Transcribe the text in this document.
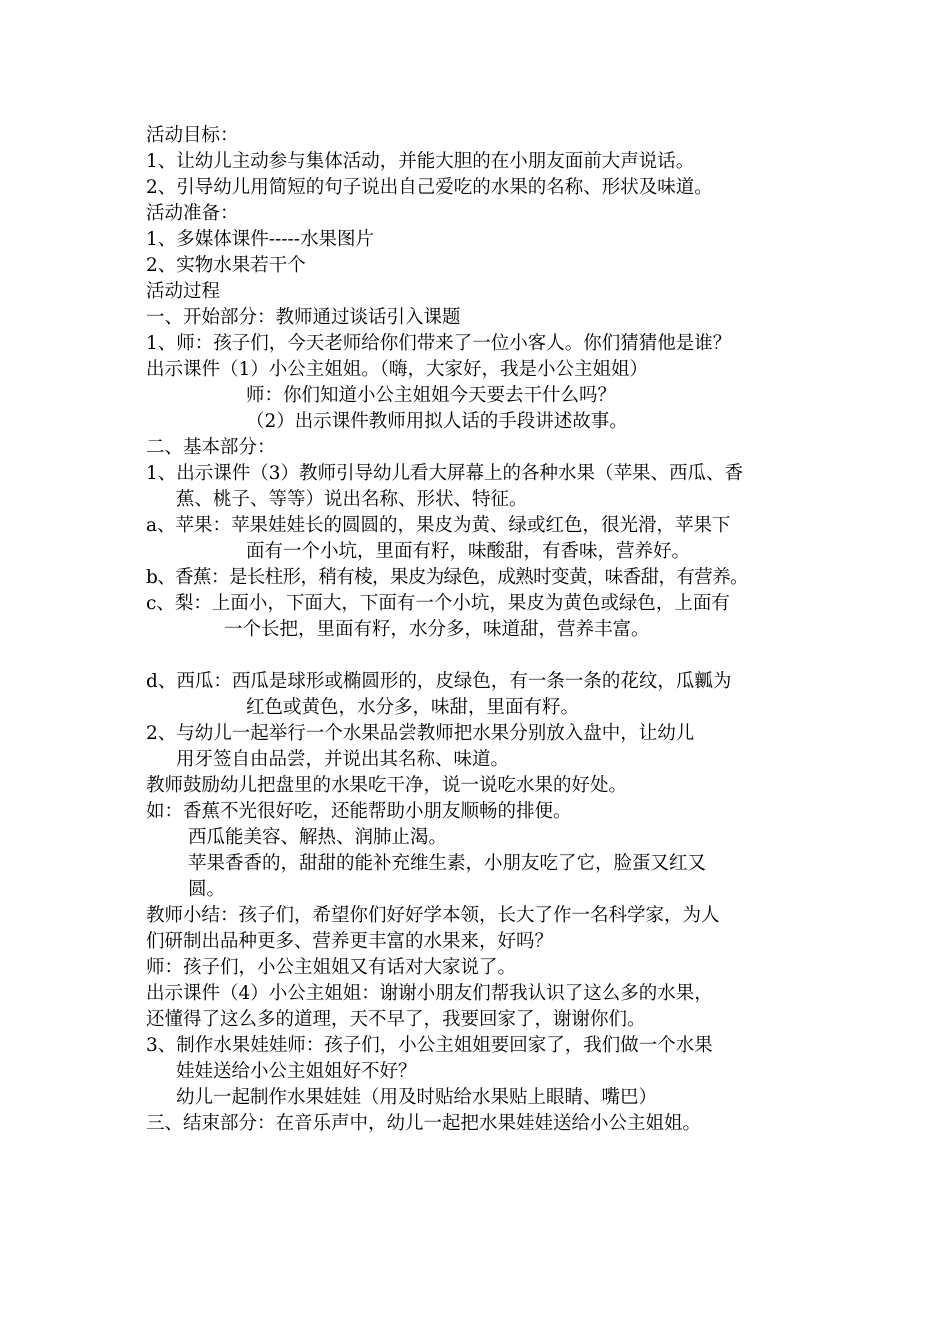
活动目标：
1、让幼儿主动参与集体活动，并能大胆的在小朋友面前大声说话。
2、引导幼儿用简短的句子说出自己爱吃的水果的名称、形状及味道。
活动准备：
1、多媒体课件-----水果图片
2、实物水果若干个
活动过程
一、开始部分：教师通过谈话引入课题
1、师：孩子们，今天老师给你们带来了一位小客人。你们猜猜他是谁？
出示课件（1）小公主姐姐。（嗨，大家好，我是小公主姐姐）
师：你们知道小公主姐姐今天要去干什么吗？
（2）出示课件教师用拟人话的手段讲述故事。
二、基本部分：
1、出示课件（3）教师引导幼儿看大屏幕上的各种水果（苹果、西瓜、香
蕉、桃子、等等）说出名称、形状、特征。
a、苹果：苹果娃娃长的圆圆的，果皮为黄、绿或红色，很光滑，苹果下
面有一个小坑，里面有籽，味酸甜，有香味，营养好。
b、香蕉：是长柱形，稍有棱，果皮为绿色，成熟时变黄，味香甜，有营养。
c、梨：上面小，下面大，下面有一个小坑，果皮为黄色或绿色，上面有
一个长把，里面有籽，水分多，味道甜，营养丰富。
d、西瓜：西瓜是球形或椭圆形的，皮绿色，有一条一条的花纹，瓜瓤为
红色或黄色，水分多，味甜，里面有籽。
2、与幼儿一起举行一个水果品尝教师把水果分别放入盘中，让幼儿
用牙签自由品尝，并说出其名称、味道。
教师鼓励幼儿把盘里的水果吃干净，说一说吃水果的好处。
如：香蕉不光很好吃，还能帮助小朋友顺畅的排便。
西瓜能美容、解热、润肺止渴。
苹果香香的，甜甜的能补充维生素，小朋友吃了它，脸蛋又红又
圆。
教师小结：孩子们，希望你们好好学本领，长大了作一名科学家，为人
们研制出品种更多、营养更丰富的水果来，好吗？
师：孩子们，小公主姐姐又有话对大家说了。
出示课件（4）小公主姐姐：谢谢小朋友们帮我认识了这么多的水果，
还懂得了这么多的道理，天不早了，我要回家了，谢谢你们。
3、制作水果娃娃师：孩子们，小公主姐姐要回家了，我们做一个水果
娃娃送给小公主姐姐好不好？
幼儿一起制作水果娃娃（用及时贴给水果贴上眼睛、嘴巴）
三、结束部分：在音乐声中，幼儿一起把水果娃娃送给小公主姐姐。
